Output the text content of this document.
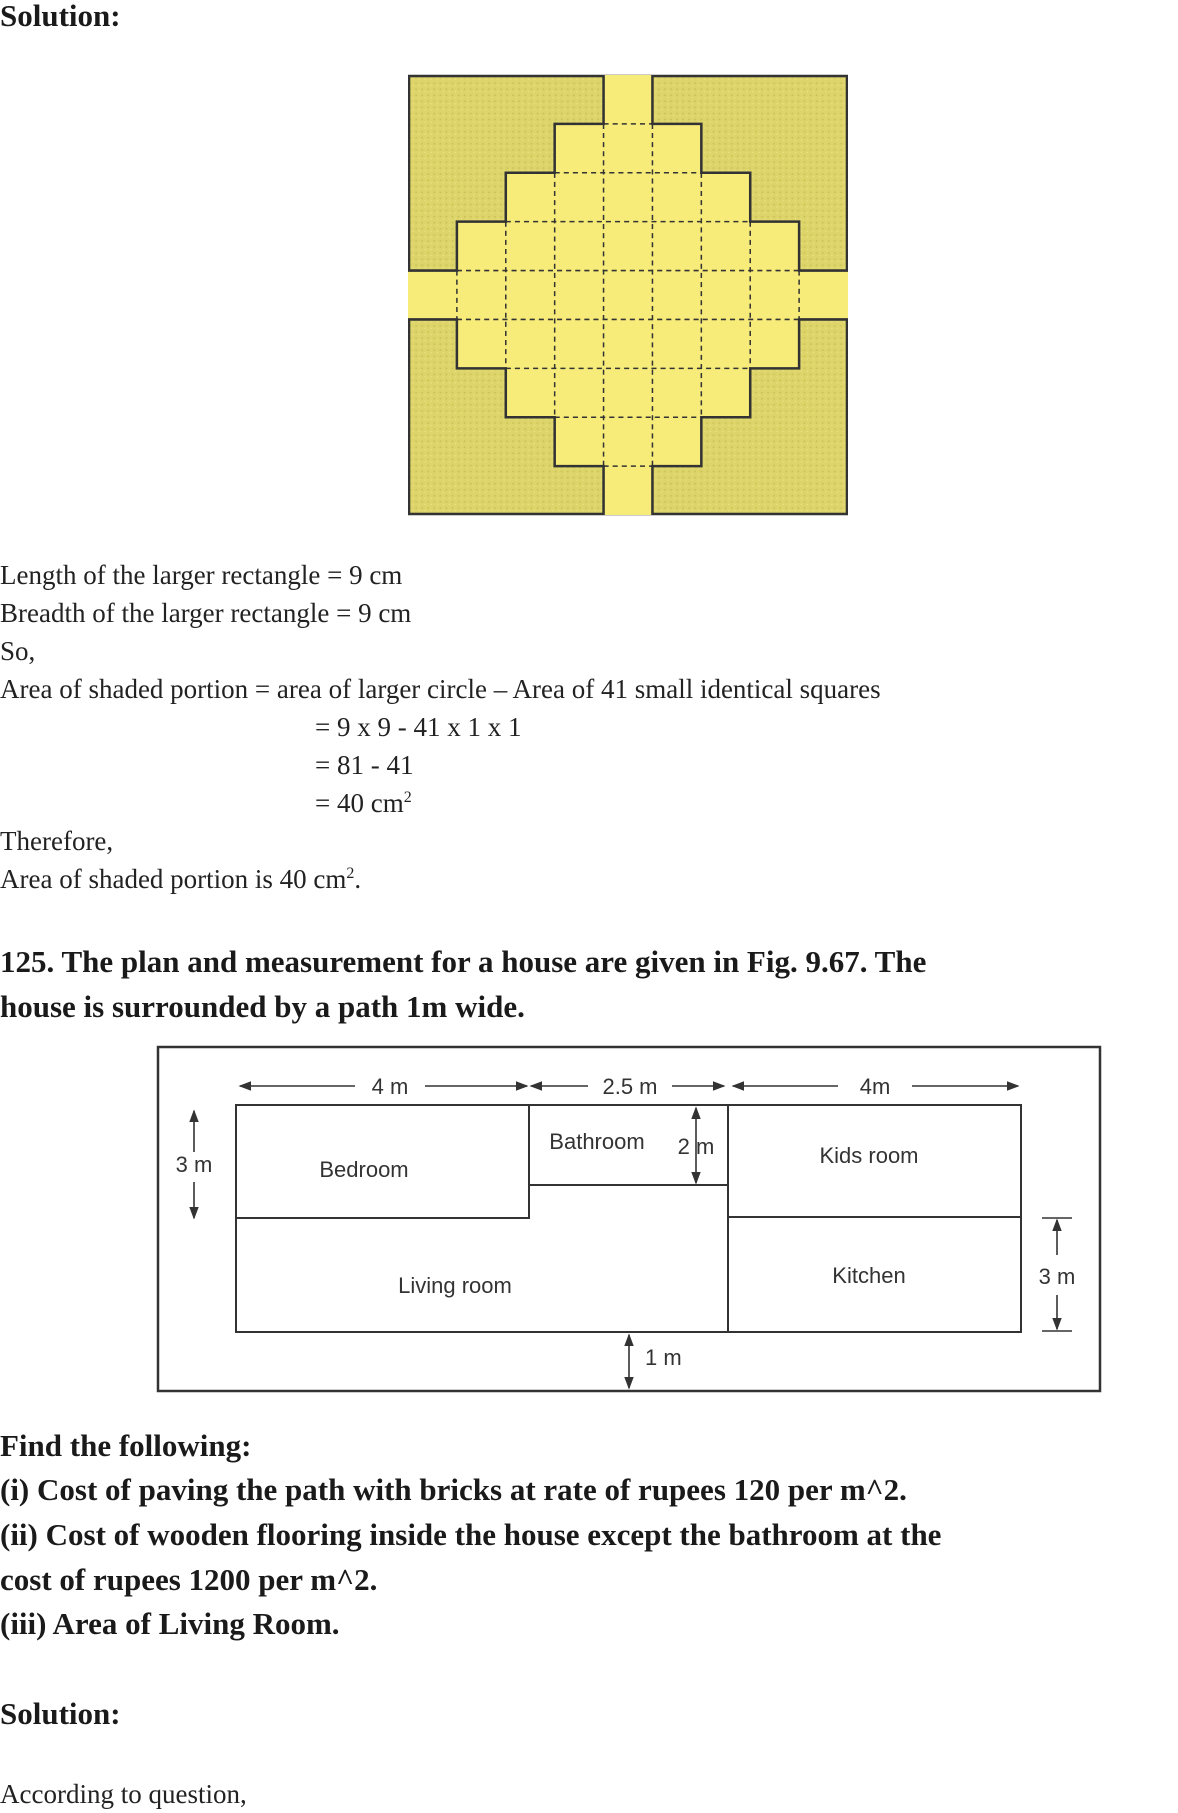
Solution:
Length of the larger rectangle = 9 cm
Breadth of the larger rectangle = 9 cm
So,
Area of shaded portion = area of larger circle – Area of 41 small identical squares
= 9 x 9 - 41 x 1 x 1
= 81 - 41
= 40 $cm^2$
Therefore,
Area of shaded portion is 40 $cm^2$.
125. The plan and measurement for a house are given in Fig. 9.67. The
house is surrounded by a path 1m wide.
4 m	2.5 m	4m
3 m
2 m
3 m
1 m
Bedroom
Bathroom
Kids room
Living room	Kitchen
Find the following:
(i) Cost of paving the path with bricks at rate of rupees 120 per m^2.
(ii) Cost of wooden flooring inside the house except the bathroom at the
cost of rupees 1200 per m^2.
(iii) Area of Living Room.
Solution:
According to question,
